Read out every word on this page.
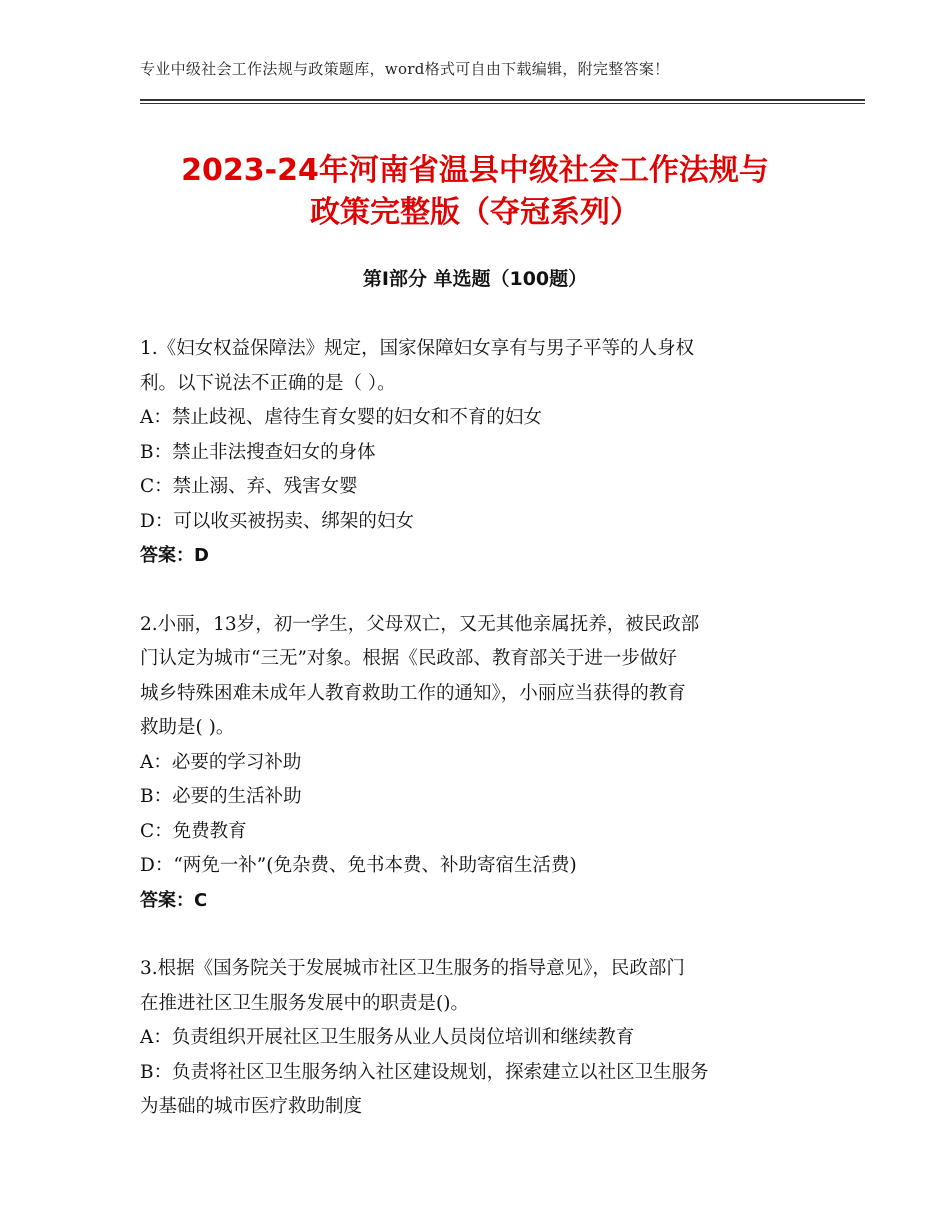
专业中级社会工作法规与政策题库，word格式可自由下载编辑，附完整答案！
2023-24年河南省温县中级社会工作法规与
政策完整版（夺冠系列）
第Ⅰ部分 单选题（100题）
1.《妇女权益保障法》规定，国家保障妇女享有与男子平等的人身权
利。以下说法不正确的是（ ）。
A：禁止歧视、虐待生育女婴的妇女和不育的妇女
B：禁止非法搜查妇女的身体
C：禁止溺、弃、残害女婴
D：可以收买被拐卖、绑架的妇女
答案：D
2.小丽，13岁，初一学生，父母双亡，又无其他亲属抚养，被民政部
门认定为城市“三无”对象。根据《民政部、教育部关于进一步做好
城乡特殊困难未成年人教育救助工作的通知》，小丽应当获得的教育
救助是( )。
A：必要的学习补助
B：必要的生活补助
C：免费教育
D：“两免一补”(免杂费、免书本费、补助寄宿生活费)
答案：C
3.根据《国务院关于发展城市社区卫生服务的指导意见》，民政部门
在推进社区卫生服务发展中的职责是()。
A：负责组织开展社区卫生服务从业人员岗位培训和继续教育
B：负责将社区卫生服务纳入社区建设规划，探索建立以社区卫生服务
为基础的城市医疗救助制度
